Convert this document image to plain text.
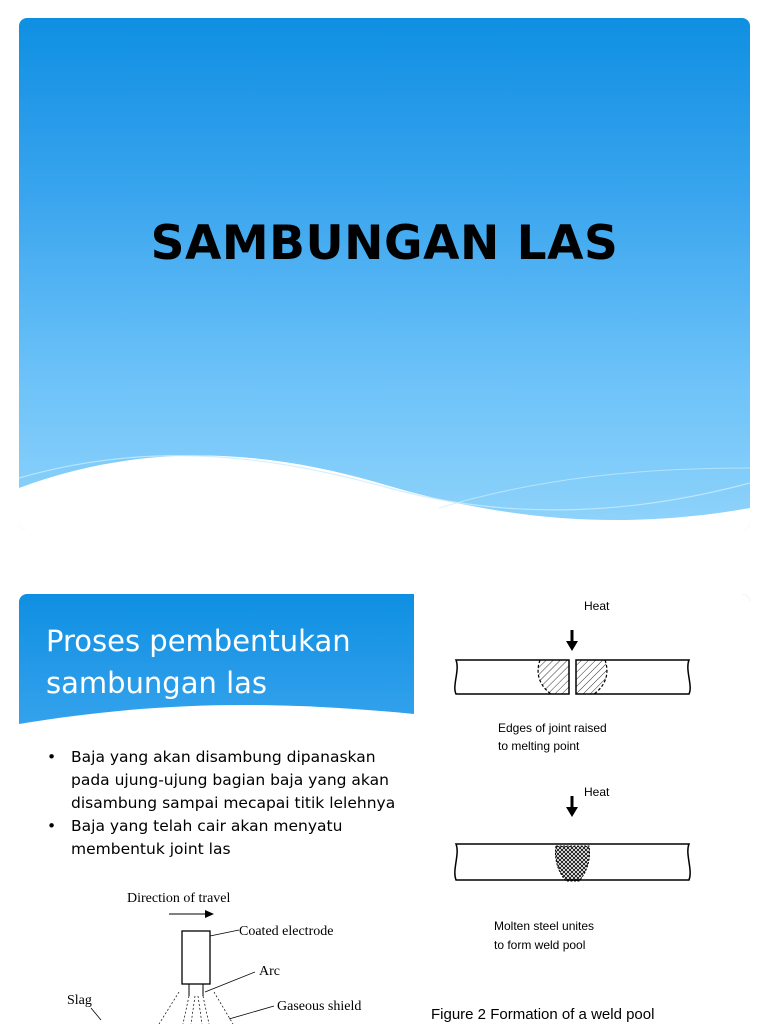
SAMBUNGAN LAS
Proses pembentukan sambungan las
• Baja yang akan disambung dipanaskan pada ujung-ujung bagian baja yang akan disambung sampai mecapai titik lelehnya
• Baja yang telah cair akan menyatu membentuk joint las
Heat
Edges of joint raised
to melting point
Heat
Molten steel unites
to form weld pool
Figure 2 Formation of a weld pool
Direction of travel
Coated electrode
Arc
Gaseous shield
Slag
